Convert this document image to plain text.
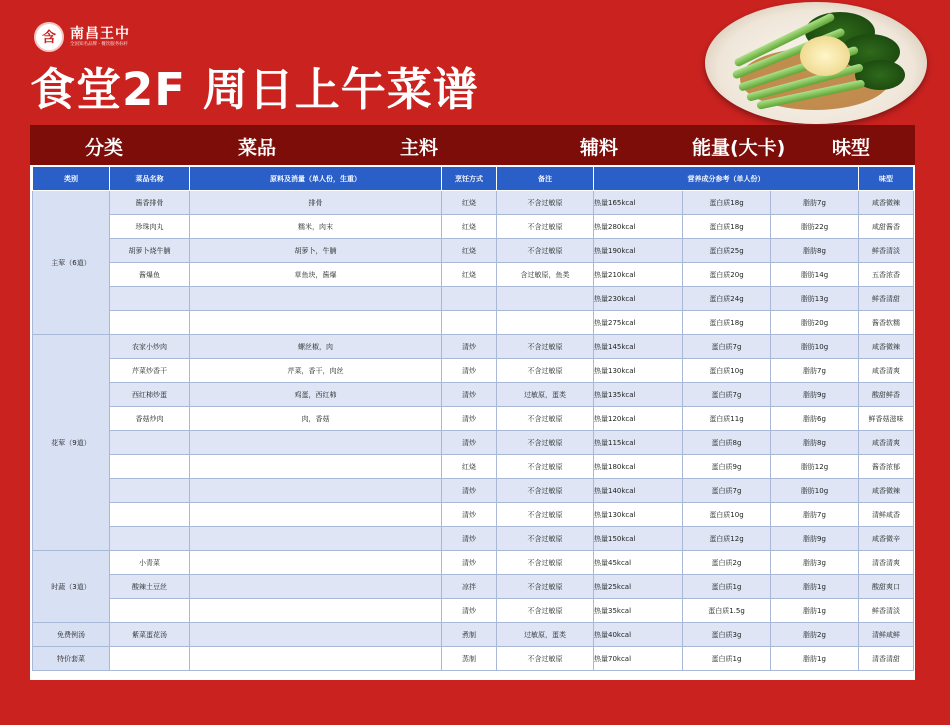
含	南昌王中
全国知名品牌 · 餐饮服务标杆
食堂2F 周日上午菜谱
分类	菜品	主料	辅料	能量(大卡) 味型
类别	菜品名称	原料及消量（单人份，生重）	烹饪方式	备注	营养成分参考（单人份）			味型
主荤（6道）	酱香排骨	排骨	红烧	不含过敏原	热量165kcal	蛋白质18g	脂肪7g	咸香微辣
	珍珠肉丸	糯米，肉末	红烧	不含过敏原	热量280kcal	蛋白质18g	脂肪22g	咸甜酱香
	胡萝卜烧牛腩	胡萝卜，牛腩	红烧	不含过敏原	热量190kcal	蛋白质25g	脂肪8g	鲜香清淡
	酱爆鱼	草鱼块，酱爆	红烧	含过敏原，鱼类	热量210kcal	蛋白质20g	脂肪14g	五香浓香
					热量230kcal	蛋白质24g	脂肪13g	鲜香清甜
					热量275kcal	蛋白质18g	脂肪20g	酱香软糯
花荤（9道）	农家小炒肉	螺丝椒，肉	清炒	不含过敏原	热量145kcal	蛋白质7g	脂肪10g	咸香微辣
	芹菜炒香干	芹菜，香干，肉丝	清炒	不含过敏原	热量130kcal	蛋白质10g	脂肪7g	咸香清爽
	西红柿炒蛋	鸡蛋，西红柿	清炒	过敏原，蛋类	热量135kcal	蛋白质7g	脂肪9g	酸甜鲜香
	香菇炒肉	肉，香菇	清炒	不含过敏原	热量120kcal	蛋白质11g	脂肪6g	鲜香菇滋味
			清炒	不含过敏原	热量115kcal	蛋白质8g	脂肪8g	咸香清爽
			红烧	不含过敏原	热量180kcal	蛋白质9g	脂肪12g	酱香浓郁
			清炒	不含过敏原	热量140kcal	蛋白质7g	脂肪10g	咸香微辣
			清炒	不含过敏原	热量130kcal	蛋白质10g	脂肪7g	清鲜咸香
			清炒	不含过敏原	热量150kcal	蛋白质12g	脂肪9g	咸香微辛
时蔬（3道）	小青菜		清炒	不含过敏原	热量45kcal	蛋白质2g	脂肪3g	清香清爽
	酸辣土豆丝		凉拌	不含过敏原	热量25kcal	蛋白质1g	脂肪1g	酸甜爽口
			清炒	不含过敏原	热量35kcal	蛋白质1.5g	脂肪1g	鲜香清淡
免费例汤	紫菜蛋花汤		煮制	过敏原，蛋类	热量40kcal	蛋白质3g	脂肪2g	清鲜咸鲜
特价套菜			蒸制	不含过敏原	热量70kcal	蛋白质1g	脂肪1g	清香清甜
